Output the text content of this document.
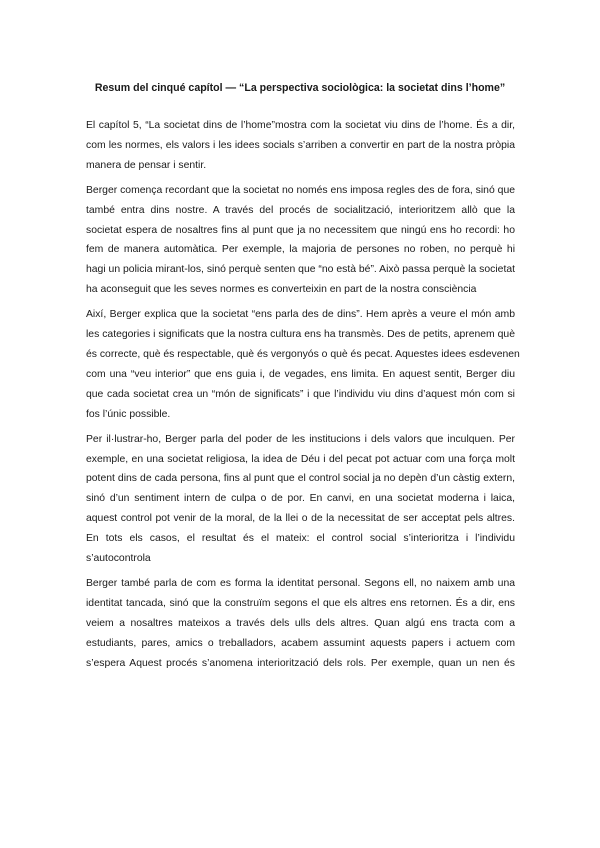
Resum del cinqué capítol — “La perspectiva sociològica: la societat dins l’home”

El capítol 5, “La societat dins de l’home”mostra com la societat viu dins de l’home. És a dir,
com les normes, els valors i les idees socials s’arriben a convertir en part de la nostra pròpia
manera de pensar i sentir.

Berger comença recordant que la societat no només ens imposa regles des de fora, sinó que
també entra dins nostre. A través del procés de socialització, interioritzem allò que la
societat espera de nosaltres fins al punt que ja no necessitem que ningú ens ho recordi: ho
fem de manera automàtica. Per exemple, la majoria de persones no roben, no perquè hi
hagi un policia mirant-los, sinó perquè senten que “no està bé”. Això passa perquè la societat
ha aconseguit que les seves normes es converteixin en part de la nostra consciència

Així, Berger explica que la societat “ens parla des de dins”. Hem après a veure el món amb
les categories i significats que la nostra cultura ens ha transmès. Des de petits, aprenem què
és correcte, què és respectable, què és vergonyós o què és pecat. Aquestes idees esdevenen
com una “veu interior” que ens guia i, de vegades, ens limita. En aquest sentit, Berger diu
que cada societat crea un “món de significats” i que l’individu viu dins d’aquest món com si
fos l’únic possible.

Per il·lustrar-ho, Berger parla del poder de les institucions i dels valors que inculquen. Per
exemple, en una societat religiosa, la idea de Déu i del pecat pot actuar com una força molt
potent dins de cada persona, fins al punt que el control social ja no depèn d’un càstig extern,
sinó d’un sentiment intern de culpa o de por. En canvi, en una societat moderna i laica,
aquest control pot venir de la moral, de la llei o de la necessitat de ser acceptat pels altres.
En tots els casos, el resultat és el mateix: el control social s’interioritza i l’individu
s’autocontrola

Berger també parla de com es forma la identitat personal. Segons ell, no naixem amb una
identitat tancada, sinó que la construïm segons el que els altres ens retornen. És a dir, ens
veiem a nosaltres mateixos a través dels ulls dels altres. Quan algú ens tracta com a
estudiants, pares, amics o treballadors, acabem assumint aquests papers i actuem com
s’espera Aquest procés s’anomena interiorització dels rols. Per exemple, quan un nen és
